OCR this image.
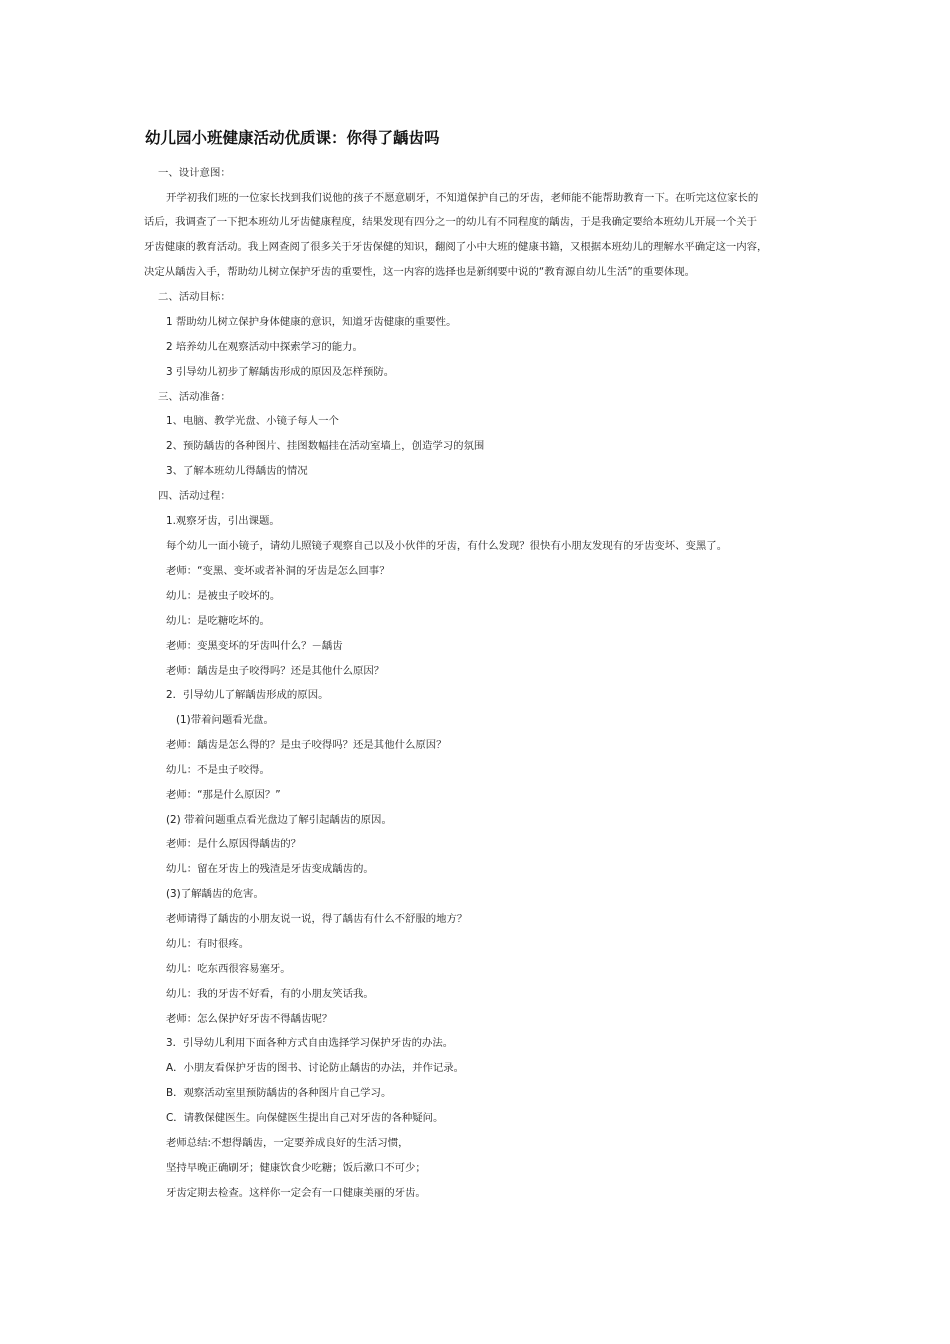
幼儿园小班健康活动优质课：你得了龋齿吗
一、设计意图：
开学初我们班的一位家长找到我们说他的孩子不愿意刷牙，不知道保护自己的牙齿，老师能不能帮助教育一下。在听完这位家长的
话后，我调查了一下把本班幼儿牙齿健康程度，结果发现有四分之一的幼儿有不同程度的龋齿，于是我确定要给本班幼儿开展一个关于
牙齿健康的教育活动。我上网查阅了很多关于牙齿保健的知识，翻阅了小中大班的健康书籍，又根据本班幼儿的理解水平确定这一内容，
决定从龋齿入手，帮助幼儿树立保护牙齿的重要性，这一内容的选择也是新纲要中说的“教育源自幼儿生活”的重要体现。
二、活动目标：
1 帮助幼儿树立保护身体健康的意识，知道牙齿健康的重要性。
2 培养幼儿在观察活动中探索学习的能力。
3 引导幼儿初步了解龋齿形成的原因及怎样预防。
三、活动准备：
1、电脑、教学光盘、小镜子每人一个
2、预防龋齿的各种图片、挂图数幅挂在活动室墙上，创造学习的氛围
3、了解本班幼儿得龋齿的情况
四、活动过程：
1.观察牙齿，引出课题。
每个幼儿一面小镜子，请幼儿照镜子观察自己以及小伙伴的牙齿，有什么发现？很快有小朋友发现有的牙齿变坏、变黑了。
老师：“变黑、变坏或者补洞的牙齿是怎么回事？
幼儿：是被虫子咬坏的。
幼儿：是吃糖吃坏的。
老师：变黑变坏的牙齿叫什么？－龋齿
老师：龋齿是虫子咬得吗？还是其他什么原因？
2．引导幼儿了解龋齿形成的原因。
(1)带着问题看光盘。
老师：龋齿是怎么得的？是虫子咬得吗？还是其他什么原因？
幼儿：不是虫子咬得。
老师：“那是什么原因？”
(2) 带着问题重点看光盘边了解引起龋齿的原因。
老师：是什么原因得龋齿的？
幼儿：留在牙齿上的残渣是牙齿变成龋齿的。
(3)了解龋齿的危害。
老师请得了龋齿的小朋友说一说，得了龋齿有什么不舒服的地方？
幼儿：有时很疼。
幼儿：吃东西很容易塞牙。
幼儿：我的牙齿不好看，有的小朋友笑话我。
老师：怎么保护好牙齿不得龋齿呢？
3．引导幼儿利用下面各种方式自由选择学习保护牙齿的办法。
A．小朋友看保护牙齿的图书、讨论防止龋齿的办法，并作记录。
B．观察活动室里预防龋齿的各种图片自己学习。
C．请教保健医生。向保健医生提出自己对牙齿的各种疑问。
老师总结:不想得龋齿，一定要养成良好的生活习惯，
坚持早晚正确刷牙；健康饮食少吃糖；饭后漱口不可少；
牙齿定期去检查。这样你一定会有一口健康美丽的牙齿。
